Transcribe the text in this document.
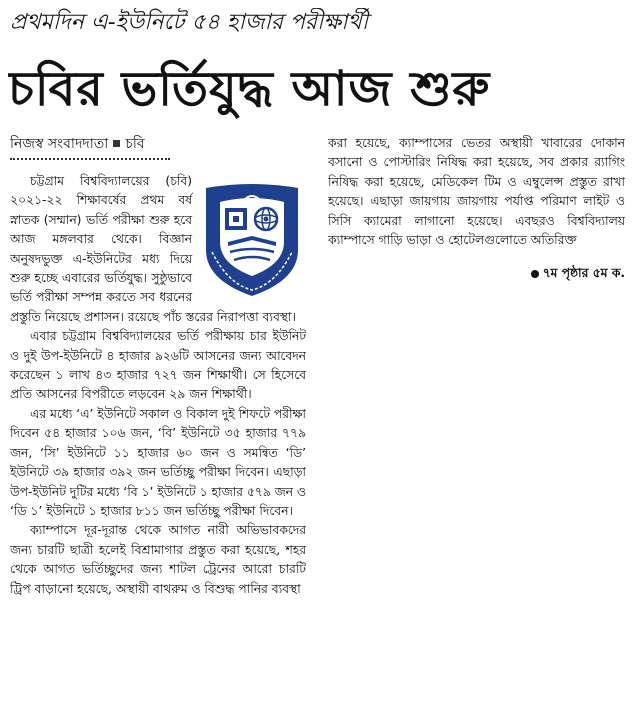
প্রথমদিন এ-ইউনিটে ৫৪ হাজার পরীক্ষার্থী
চবির ভর্তিযুদ্ধ আজ শুরু
নিজস্ব সংবাদদাতা চবি

চট্টগ্রাম বিশ্ববিদ্যালয়ের (চবি) ২০২১-২২ শিক্ষাবর্ষের প্রথম বর্ষ স্নাতক (সম্মান) ভর্তি পরীক্ষা শুরু হবে আজ মঙ্গলবার থেকে। বিজ্ঞান অনুষদভুক্ত এ-ইউনিটের মধ্য দিয়ে শুরু হচ্ছে এবারের ভর্তিযুদ্ধ। সুষ্ঠুভাবে ভর্তি পরীক্ষা সম্পন্ন করতে সব ধরনের প্রস্তুতি নিয়েছে প্রশাসন। রয়েছে পাঁচ স্তরের নিরাপত্তা ব্যবস্থা।

এবার চট্টগ্রাম বিশ্ববিদ্যালয়ের ভর্তি পরীক্ষায় চার ইউনিট ও দুই উপ-ইউনিটে ৪ হাজার ৯২৬টি আসনের জন্য আবেদন করেছেন ১ লাখ ৪৩ হাজার ৭২৭ জন শিক্ষার্থী। সে হিসেবে প্রতি আসনের বিপরীতে লড়বেন ২৯ জন শিক্ষার্থী।

এর মধ্যে ‘এ’ ইউনিটে সকাল ও বিকাল দুই শিফটে পরীক্ষা দিবেন ৫৪ হাজার ১০৬ জন, ‘বি’ ইউনিটে ৩৫ হাজার ৭৭৯ জন, ‘সি’ ইউনিটে ১১ হাজার ৬০ জন ও সমন্বিত ‘ডি’ ইউনিটে ৩৯ হাজার ৩৯২ জন ভর্তিচ্ছু পরীক্ষা দিবেন। এছাড়া উপ-ইউনিট দুটির মধ্যে ‘বি ১’ ইউনিটে ১ হাজার ৫৭৯ জন ও ‘ডি ১’ ইউনিটে ১ হাজার ৮১১ জন ভর্তিচ্ছু পরীক্ষা দিবেন।

ক্যাম্পাসে দূর-দূরান্ত থেকে আগত নারী অভিভাবকদের জন্য চারটি ছাত্রী হলেই বিশ্রামাগার প্রস্তুত করা হয়েছে, শহর থেকে আগত ভর্তিচ্ছুদের জন্য শাটল ট্রেনের আরো চারটি ট্রিপ বাড়ানো হয়েছে, অস্থায়ী বাথরুম ও বিশুদ্ধ পানির ব্যবস্থা

করা হয়েছে, ক্যাম্পাসের ভেতর অস্থায়ী খাবারের দোকান বসানো ও পোস্টারিং নিষিদ্ধ করা হয়েছে, সব প্রকার র‌্যাগিং নিষিদ্ধ করা হয়েছে, মেডিকেল টিম ও এম্বুলেন্স প্রস্তুত রাখা হয়েছে। এছাড়া জায়গায় জায়গায় পর্যাপ্ত পরিমাণ লাইট ও সিসি ক্যামেরা লাগানো হয়েছে। এবছরও বিশ্ববিদ্যালয় ক্যাম্পাসে গাড়ি ভাড়া ও হোটেলগুলোতে অতিরিক্ত

৭ম পৃষ্ঠার ৫ম ক.
